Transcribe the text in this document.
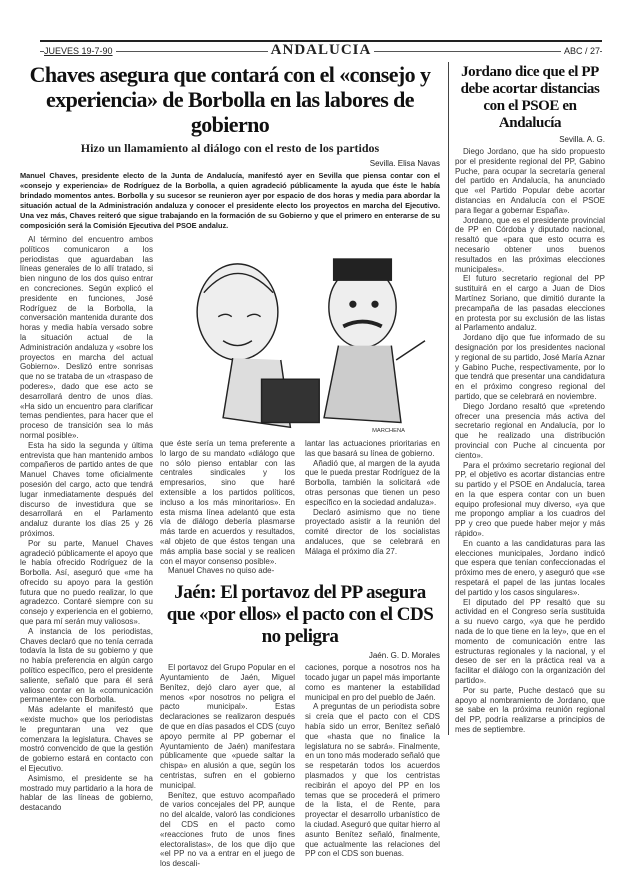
JUEVES 19-7-90	ANDALUCIA	ABC / 27
Chaves asegura que contará con el «consejo y experiencia» de Borbolla en las labores de gobierno
Hizo un llamamiento al diálogo con el resto de los partidos
Sevilla. Elisa Navas
Manuel Chaves, presidente electo de la Junta de Andalucía, manifestó ayer en Sevilla que piensa contar con el «consejo y experiencia» de Rodríguez de la Borbolla, a quien agradeció públicamente la ayuda que éste le había brindado momentos antes. Borbolla y su sucesor se reunieron ayer por espacio de dos horas y media para abordar la situación actual de la Administración andaluza y conocer el presidente electo los proyectos en marcha del Ejecutivo. Una vez más, Chaves reiteró que sigue trabajando en la formación de su Gobierno y que el primero en enterarse de su composición será la Comisión Ejecutiva del PSOE andaluz.

Al término del encuentro ambos políticos comunicaron a los periodistas que aguardaban las líneas generales de lo allí tratado, si bien ninguno de los dos quiso entrar en concreciones. Según explicó el presidente en funciones, José Rodríguez de la Borbolla, la conversación mantenida durante dos horas y media había versado sobre la situación actual de la Administración andaluza y «sobre los proyectos en marcha del actual Gobierno». Deslizó entre sonrisas que no se trataba de un «traspaso de poderes», dado que ese acto se desarrollará dentro de unos días. «Ha sido un encuentro para clarificar temas pendientes, para hacer que el proceso de transición sea lo más normal posible».

Esta ha sido la segunda y última entrevista que han mantenido ambos compañeros de partido antes de que Manuel Chaves tome oficialmente posesión del cargo, acto que tendrá lugar inmediatamente después del discurso de investidura que se desarrollará en el Parlamento andaluz durante los días 25 y 26 próximos.

Por su parte, Manuel Chaves agradeció públicamente el apoyo que le había ofrecido Rodríguez de la Borbolla. Así, aseguró que «me ha ofrecido su apoyo para la gestión futura que no puedo realizar, lo que agradezco. Contaré siempre con su consejo y experiencia en el gobierno, que para mí serán muy valiosos».

A instancia de los periodistas, Chaves declaró que no tenía cerrada todavía la lista de su gobierno y que no había preferencia en algún cargo político específico, pero el presidente saliente, señaló que para él será valioso contar en la «comunicación permanente» con Borbolla.

Más adelante el manifestó que «existe mucho» que los periodistas le preguntaran una vez que comenzara la legislatura. Chaves se mostró convencido de que la gestión de gobierno estará en contacto con el Ejecutivo.

Asimismo, el presidente se ha mostrado muy partidario a la hora de hablar de las líneas de gobierno, destacando

MARCHENA

que éste sería un tema preferente a lo largo de su mandato «diálogo que no sólo pienso entablar con las centrales sindicales y los empresarios, sino que haré extensible a los partidos políticos, incluso a los más minoritarios». En esta misma línea adelantó que esta vía de diálogo debería plasmarse más tarde en acuerdos y resultados, «al objeto de que éstos tengan una más amplia base social y se realicen con el mayor consenso posible».

Manuel Chaves no quiso ade-

lantar las actuaciones prioritarias en las que basará su línea de gobierno.

Añadió que, al margen de la ayuda que le pueda prestar Rodríguez de la Borbolla, también la solicitará «de otras personas que tienen un peso específico en la sociedad andaluza».

Declaró asimismo que no tiene proyectado asistir a la reunión del comité director de los socialistas andaluces, que se celebrará en Málaga el próximo día 27.

Jaén: El portavoz del PP asegura que «por ellos» el pacto con el CDS no peligra
Jaén. G. D. Morales

El portavoz del Grupo Popular en el Ayuntamiento de Jaén, Miguel Benítez, dejó claro ayer que, al menos «por nosotros no peligra el pacto municipal». Estas declaraciones se realizaron después de que en días pasados el CDS (cuyo apoyo permite al PP gobernar el Ayuntamiento de Jaén) manifestara públicamente que «puede saltar la chispa» en alusión a que, según los centristas, sufren en el gobierno municipal.

Benítez, que estuvo acompañado de varios concejales del PP, aunque no del alcalde, valoró las condiciones del CDS en el pacto como «reacciones fruto de unos fines electoralistas», de los que dijo que «el PP no va a entrar en el juego de los descali-

caciones, porque a nosotros nos ha tocado jugar un papel más importante como es mantener la estabilidad municipal en pro del pueblo de Jaén.

A preguntas de un periodista sobre si creía que el pacto con el CDS había sido un error, Benítez señaló que «hasta que no finalice la legislatura no se sabrá». Finalmente, en un tono más moderado señaló que se respetarán todos los acuerdos plasmados y que los centristas recibirán el apoyo del PP en los temas que se procederá el primero de la lista, el de Rente, para proyectar el desarrollo urbanístico de la ciudad. Aseguró que quitar hierro al asunto Benítez señaló, finalmente, que actualmente las relaciones del PP con el CDS son buenas.

Jordano dice que el PP debe acortar distancias con el PSOE en Andalucía
Sevilla. A. G.

Diego Jordano, que ha sido propuesto por el presidente regional del PP, Gabino Puche, para ocupar la secretaría general del partido en Andalucía, ha anunciado que «el Partido Popular debe acortar distancias en Andalucía con el PSOE para llegar a gobernar España».

Jordano, que es el presidente provincial de PP en Córdoba y diputado nacional, resaltó que «para que esto ocurra es necesario obtener unos buenos resultados en las próximas elecciones municipales».

El futuro secretario regional del PP sustituirá en el cargo a Juan de Dios Martínez Soriano, que dimitió durante la precampaña de las pasadas elecciones en protesta por su exclusión de las listas al Parlamento andaluz.

Jordano dijo que fue informado de su designación por los presidentes nacional y regional de su partido, José María Aznar y Gabino Puche, respectivamente, por lo que tendrá que presentar una candidatura en el próximo congreso regional del partido, que se celebrará en noviembre.

Diego Jordano resaltó que «pretendo ofrecer una presencia más activa del secretario regional en Andalucía, por lo que he realizado una distribución provincial con Puche al cincuenta por ciento».

Para el próximo secretario regional del PP, el objetivo es acortar distancias entre su partido y el PSOE en Andalucía, tarea en la que espera contar con un buen equipo profesional muy diverso, «ya que me propongo ampliar a los cuadros del PP y creo que puede haber mejor y más rápido».

En cuanto a las candidaturas para las elecciones municipales, Jordano indicó que espera que tenían confeccionadas el próximo mes de enero, y aseguró que «se respetará el papel de las juntas locales del partido y los casos singulares».

El diputado del PP resaltó que su actividad en el Congreso sería sustituida a su nuevo cargo, «ya que he perdido nada de lo que tiene en la ley», que en el momento de comunicación entre las estructuras regionales y la nacional, y el deseo de ser en la práctica real va a facilitar el diálogo con la organización del partido».

Por su parte, Puche destacó que su apoyo al nombramiento de Jordano, que se sabe en la próxima reunión regional del PP, podría realizarse a principios de mes de septiembre.
